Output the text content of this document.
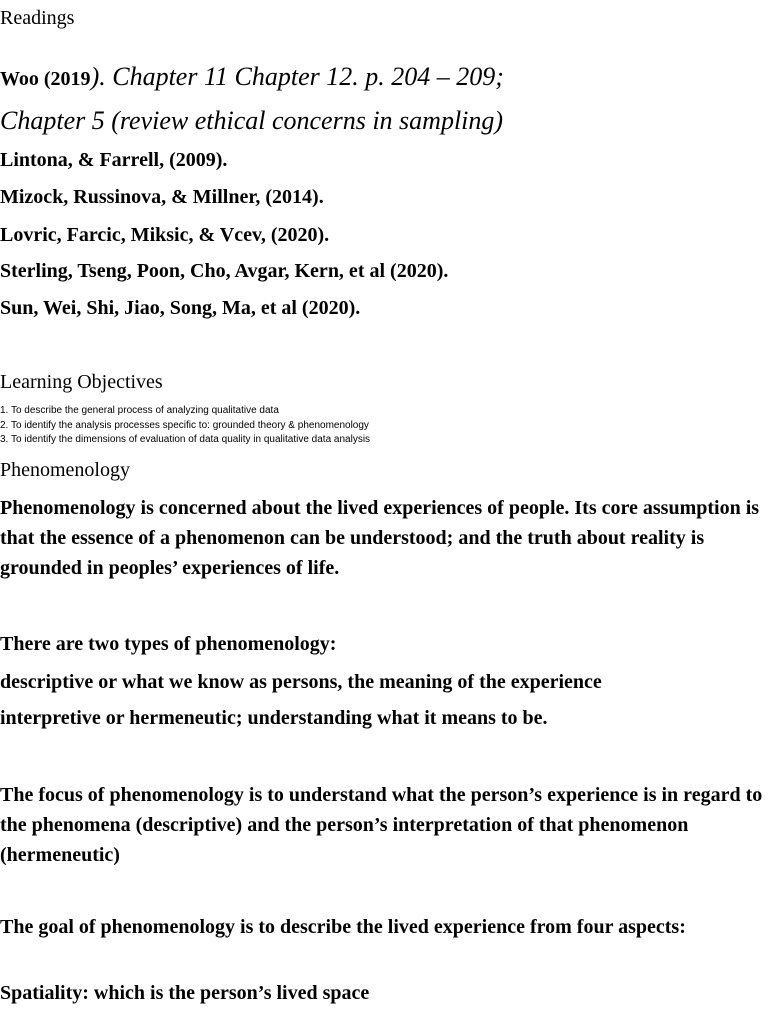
Readings
Woo (2019). Chapter 11 Chapter 12. p. 204 – 209;
Chapter 5 (review ethical concerns in sampling)
Lintona, & Farrell, (2009).
Mizock, Russinova, & Millner, (2014).
Lovric, Farcic, Miksic, & Vcev, (2020).
Sterling, Tseng, Poon, Cho, Avgar, Kern, et al (2020).
Sun, Wei, Shi, Jiao, Song, Ma, et al (2020).
Learning Objectives
1. To describe the general process of analyzing qualitative data
2. To identify the analysis processes specific to: grounded theory & phenomenology
3. To identify the dimensions of evaluation of data quality in qualitative data analysis
Phenomenology
Phenomenology is concerned about the lived experiences of people. Its core assumption is that the essence of a phenomenon can be understood; and the truth about reality is grounded in peoples’ experiences of life.
There are two types of phenomenology:
descriptive or what we know as persons, the meaning of the experience
interpretive or hermeneutic; understanding what it means to be.
The focus of phenomenology is to understand what the person’s experience is in regard to the phenomena (descriptive) and the person’s interpretation of that phenomenon (hermeneutic)
The goal of phenomenology is to describe the lived experience from four aspects:
Spatiality: which is the person’s lived space
